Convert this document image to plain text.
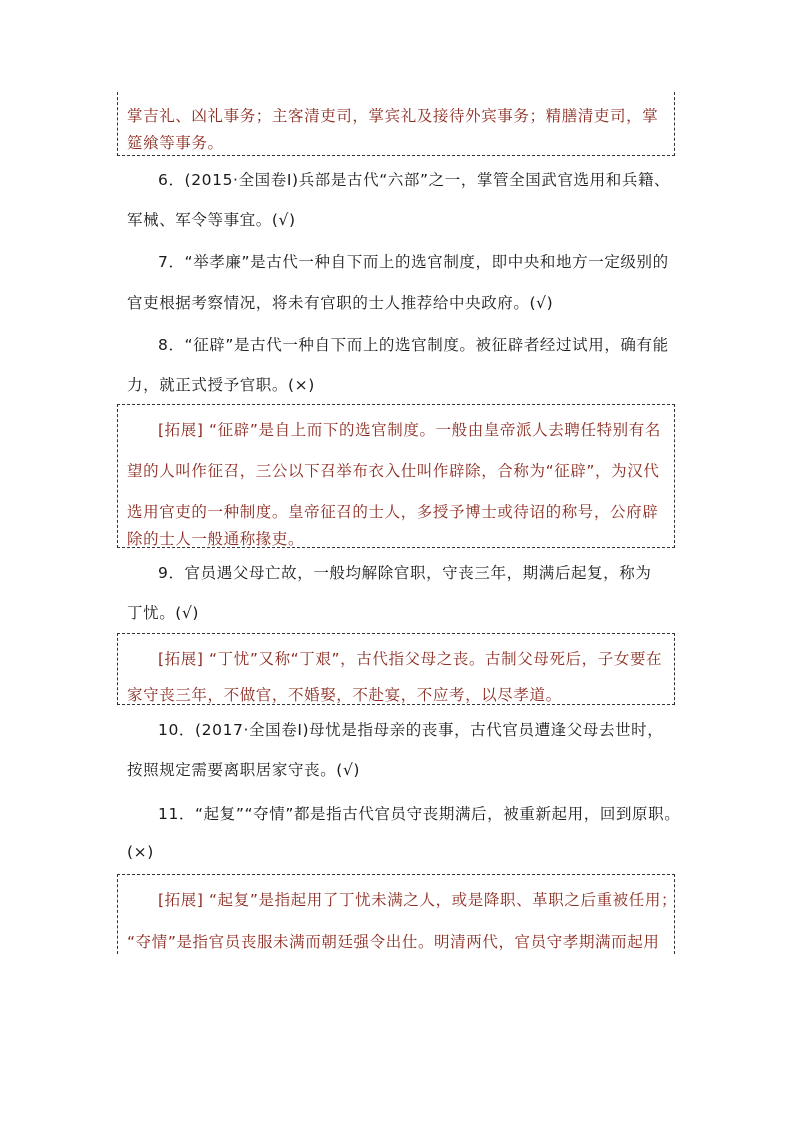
掌吉礼、凶礼事务；主客清吏司，掌宾礼及接待外宾事务；精膳清吏司，掌
筵飨等事务。
6．(2015·全国卷Ⅰ)兵部是古代“六部”之一，掌管全国武官选用和兵籍、
军械、军令等事宜。(√)
7．“举孝廉”是古代一种自下而上的选官制度，即中央和地方一定级别的
官吏根据考察情况，将未有官职的士人推荐给中央政府。(√)
8．“征辟”是古代一种自下而上的选官制度。被征辟者经过试用，确有能
力，就正式授予官职。(×)
[拓展] “征辟”是自上而下的选官制度。一般由皇帝派人去聘任特别有名
望的人叫作征召，三公以下召举布衣入仕叫作辟除，合称为“征辟”，为汉代
选用官吏的一种制度。皇帝征召的士人，多授予博士或待诏的称号，公府辟
除的士人一般通称掾吏。
9．官员遇父母亡故，一般均解除官职，守丧三年，期满后起复，称为
丁忧。(√)
[拓展] “丁忧”又称“丁艰”，古代指父母之丧。古制父母死后，子女要在
家守丧三年，不做官，不婚娶，不赴宴，不应考，以尽孝道。
10．(2017·全国卷Ⅰ)母忧是指母亲的丧事，古代官员遭逢父母去世时，
按照规定需要离职居家守丧。(√)
11．“起复”“夺情”都是指古代官员守丧期满后，被重新起用，回到原职。
(×)
[拓展] “起复”是指起用了丁忧未满之人，或是降职、革职之后重被任用；
“夺情”是指官员丧服未满而朝廷强令出仕。明清两代，官员守孝期满而起用
